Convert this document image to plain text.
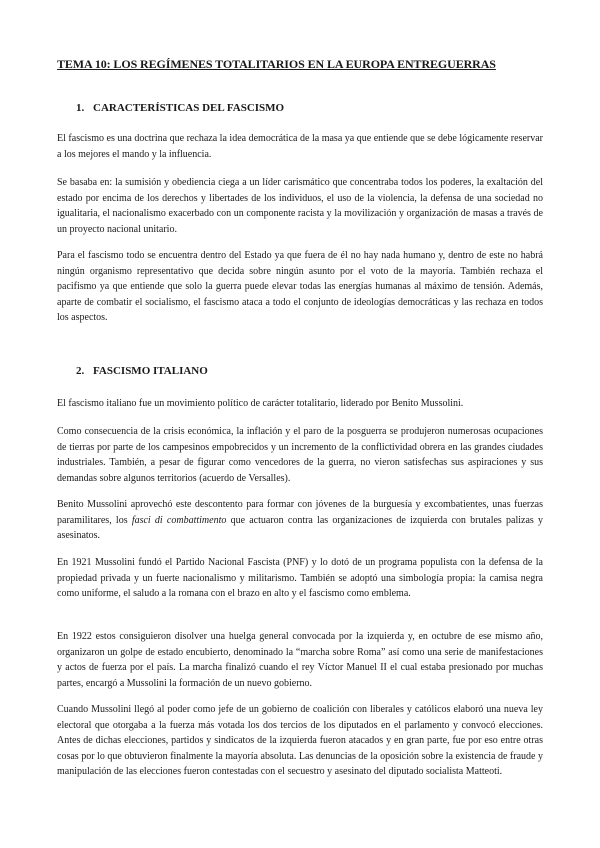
TEMA 10: LOS REGÍMENES TOTALITARIOS EN LA EUROPA ENTREGUERRAS
1. CARACTERÍSTICAS DEL FASCISMO

El fascismo es una doctrina que rechaza la idea democrática de la masa ya que entiende que se debe lógicamente reservar a los mejores el mando y la influencia.

Se basaba en: la sumisión y obediencia ciega a un líder carismático que concentraba todos los poderes, la exaltación del estado por encima de los derechos y libertades de los individuos, el uso de la violencia, la defensa de una sociedad no igualitaria, el nacionalismo exacerbado con un componente racista y la movilización y organización de masas a través de un proyecto nacional unitario.

Para el fascismo todo se encuentra dentro del Estado ya que fuera de él no hay nada humano y, dentro de este no habrá ningún organismo representativo que decida sobre ningún asunto por el voto de la mayoría. También rechaza el pacifismo ya que entiende que solo la guerra puede elevar todas las energías humanas al máximo de tensión. Además, aparte de combatir el socialismo, el fascismo ataca a todo el conjunto de ideologías democráticas y las rechaza en todos los aspectos.

2. FASCISMO ITALIANO

El fascismo italiano fue un movimiento político de carácter totalitario, liderado por Benito Mussolini.

Como consecuencia de la crisis económica, la inflación y el paro de la posguerra se produjeron numerosas ocupaciones de tierras por parte de los campesinos empobrecidos y un incremento de la conflictividad obrera en las grandes ciudades industriales. También, a pesar de figurar como vencedores de la guerra, no vieron satisfechas sus aspiraciones y sus demandas sobre algunos territorios (acuerdo de Versalles).

Benito Mussolini aprovechó este descontento para formar con jóvenes de la burguesía y excombatientes, unas fuerzas paramilitares, los fasci di combattimento que actuaron contra las organizaciones de izquierda con brutales palizas y asesinatos.

En 1921 Mussolini fundó el Partido Nacional Fascista (PNF) y lo dotó de un programa populista con la defensa de la propiedad privada y un fuerte nacionalismo y militarismo. También se adoptó una simbología propia: la camisa negra como uniforme, el saludo a la romana con el brazo en alto y el fascismo como emblema.

En 1922 estos consiguieron disolver una huelga general convocada por la izquierda y, en octubre de ese mismo año, organizaron un golpe de estado encubierto, denominado la “marcha sobre Roma” así como una serie de manifestaciones y actos de fuerza por el país. La marcha finalizó cuando el rey Víctor Manuel II el cual estaba presionado por muchas partes, encargó a Mussolini la formación de un nuevo gobierno.

Cuando Mussolini llegó al poder como jefe de un gobierno de coalición con liberales y católicos elaboró una nueva ley electoral que otorgaba a la fuerza más votada los dos tercios de los diputados en el parlamento y convocó elecciones. Antes de dichas elecciones, partidos y sindicatos de la izquierda fueron atacados y en gran parte, fue por eso entre otras cosas por lo que obtuvieron finalmente la mayoría absoluta. Las denuncias de la oposición sobre la existencia de fraude y manipulación de las elecciones fueron contestadas con el secuestro y asesinato del diputado socialista Matteoti.
